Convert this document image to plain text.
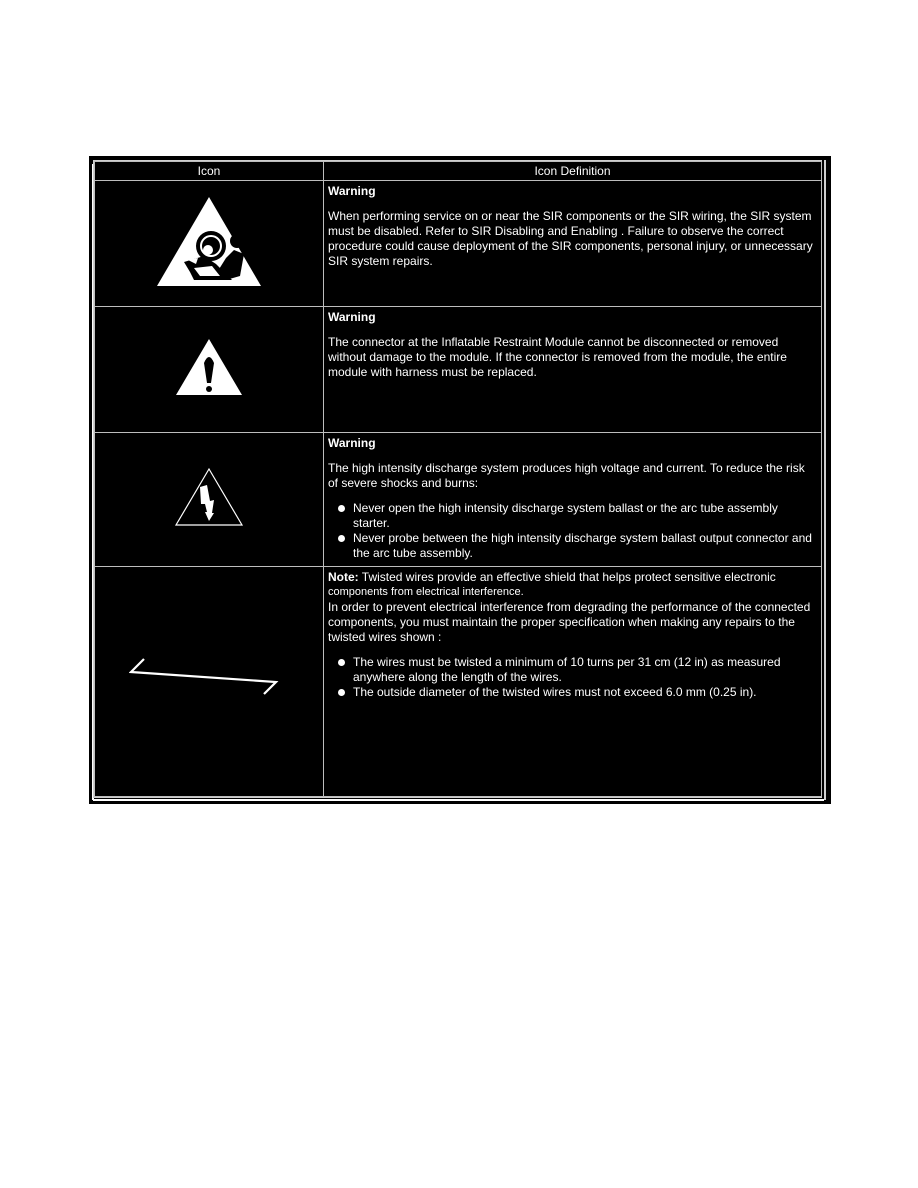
Icon	Icon Definition

Warning
When performing service on or near the SIR components or the SIR wiring, the SIR system must be disabled. Refer to SIR Disabling and Enabling . Failure to observe the correct procedure could cause deployment of the SIR components, personal injury, or unnecessary SIR system repairs.

Warning
The connector at the Inflatable Restraint Module cannot be disconnected or removed without damage to the module. If the connector is removed from the module, the entire module with harness must be replaced.

Warning
The high intensity discharge system produces high voltage and current. To reduce the risk of severe shocks and burns:
Never open the high intensity discharge system ballast or the arc tube assembly starter.
Never probe between the high intensity discharge system ballast output connector and the arc tube assembly.

Note: Twisted wires provide an effective shield that helps protect sensitive electronic
components from electrical interference.
In order to prevent electrical interference from degrading the performance of the connected components, you must maintain the proper specification when making any repairs to the twisted wires shown :
The wires must be twisted a minimum of 10 turns per 31 cm (12 in) as measured anywhere along the length of the wires.
The outside diameter of the twisted wires must not exceed 6.0 mm (0.25 in).
